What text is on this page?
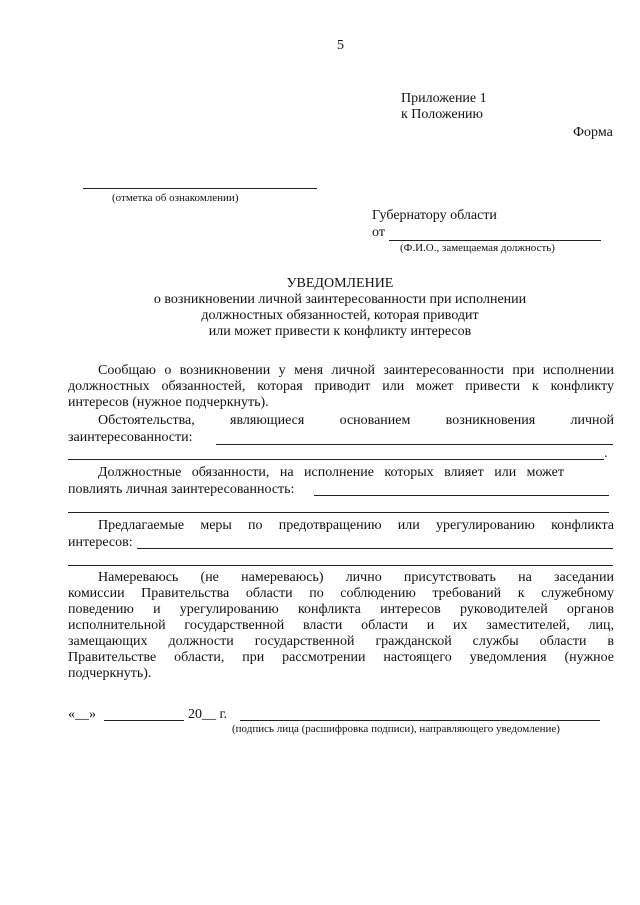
5
Приложение 1
к Положению
Форма
(отметка об ознакомлении)
Губернатору области
от
(Ф.И.О., замещаемая должность)
УВЕДОМЛЕНИЕ
о возникновении личной заинтересованности при исполнении
должностных обязанностей, которая приводит
или может привести к конфликту интересов
Сообщаю о возникновении у меня личной заинтересованности при исполнении
должностных обязанностей, которая приводит или может привести к конфликту
интересов (нужное подчеркнуть).
Обстоятельства, являющиеся основанием возникновения личной
заинтересованности:
.
Должностные обязанности, на исполнение которых влияет или может
повлиять личная заинтересованность:
Предлагаемые меры по предотвращению или урегулированию конфликта
интересов:
Намереваюсь (не намереваюсь) лично присутствовать на заседании
комиссии Правительства области по соблюдению требований к служебному
поведению и урегулированию конфликта интересов руководителей органов
исполнительной государственной власти области и их заместителей, лиц,
замещающих должности государственной гражданской службы области в
Правительстве области, при рассмотрении настоящего уведомления (нужное
подчеркнуть).
«__»	20__ г.
(подпись лица (расшифровка подписи), направляющего уведомление)
